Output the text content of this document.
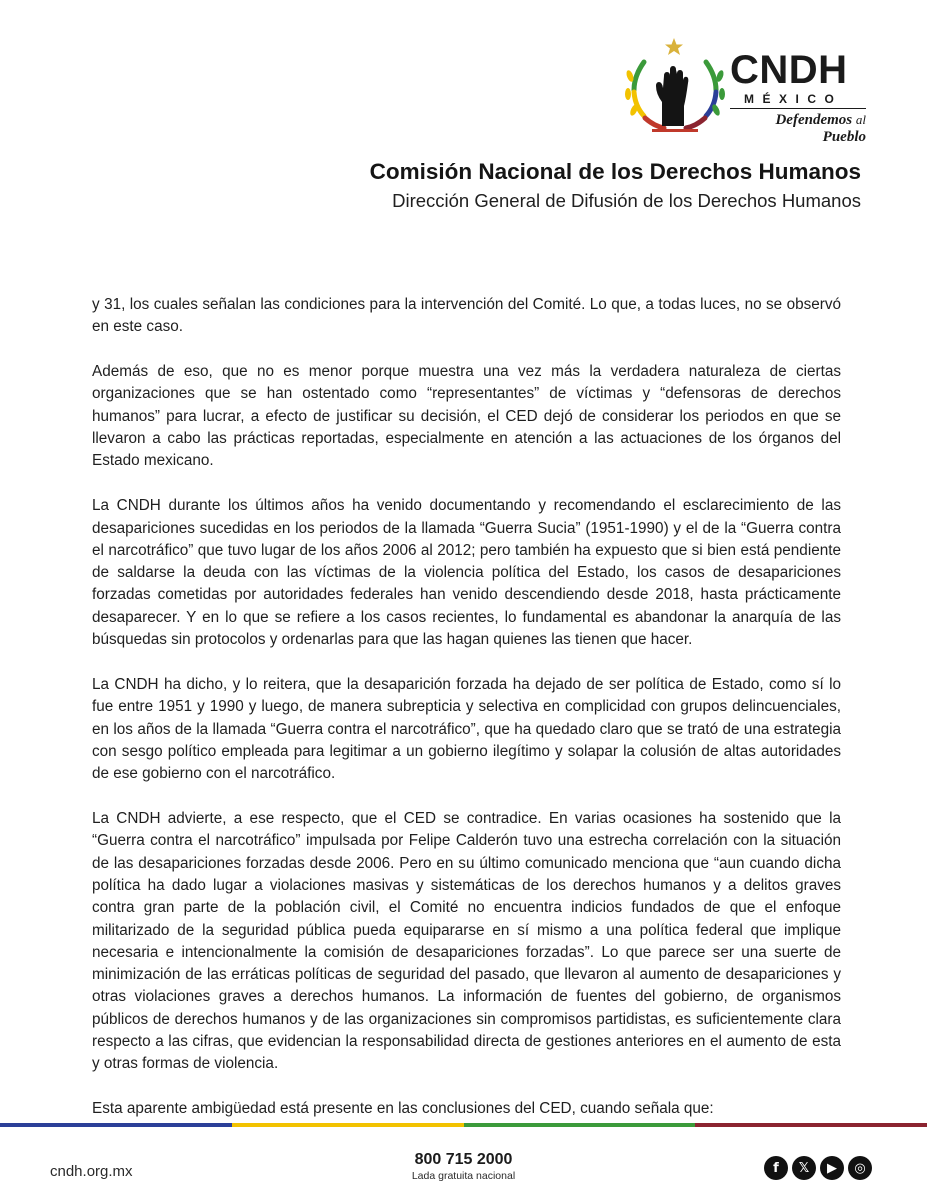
CNDH
MÉXICO
Defendemos al Pueblo
Comisión Nacional de los Derechos Humanos
Dirección General de Difusión de los Derechos Humanos

y 31, los cuales señalan las condiciones para la intervención del Comité. Lo que, a todas luces, no se observó en este caso.

Además de eso, que no es menor porque muestra una vez más la verdadera naturaleza de ciertas organizaciones que se han ostentado como “representantes” de víctimas y “defensoras de derechos humanos” para lucrar, a efecto de justificar su decisión, el CED dejó de considerar los periodos en que se llevaron a cabo las prácticas reportadas, especialmente en atención a las actuaciones de los órganos del Estado mexicano.

La CNDH durante los últimos años ha venido documentando y recomendando el esclarecimiento de las desapariciones sucedidas en los periodos de la llamada “Guerra Sucia” (1951-1990) y el de la “Guerra contra el narcotráfico” que tuvo lugar de los años 2006 al 2012; pero también ha expuesto que si bien está pendiente de saldarse la deuda con las víctimas de la violencia política del Estado, los casos de desapariciones forzadas cometidas por autoridades federales han venido descendiendo desde 2018, hasta prácticamente desaparecer. Y en lo que se refiere a los casos recientes, lo fundamental es abandonar la anarquía de las búsquedas sin protocolos y ordenarlas para que las hagan quienes las tienen que hacer.

La CNDH ha dicho, y lo reitera, que la desaparición forzada ha dejado de ser política de Estado, como sí lo fue entre 1951 y 1990 y luego, de manera subrepticia y selectiva en complicidad con grupos delincuenciales, en los años de la llamada “Guerra contra el narcotráfico”, que ha quedado claro que se trató de una estrategia con sesgo político empleada para legitimar a un gobierno ilegítimo y solapar la colusión de altas autoridades de ese gobierno con el narcotráfico.

La CNDH advierte, a ese respecto, que el CED se contradice. En varias ocasiones ha sostenido que la “Guerra contra el narcotráfico” impulsada por Felipe Calderón tuvo una estrecha correlación con la situación de las desapariciones forzadas desde 2006. Pero en su último comunicado menciona que “aun cuando dicha política ha dado lugar a violaciones masivas y sistemáticas de los derechos humanos y a delitos graves contra gran parte de la población civil, el Comité no encuentra indicios fundados de que el enfoque militarizado de la seguridad pública pueda equipararse en sí mismo a una política federal que implique necesaria e intencionalmente la comisión de desapariciones forzadas”. Lo que parece ser una suerte de minimización de las erráticas políticas de seguridad del pasado, que llevaron al aumento de desapariciones y otras violaciones graves a derechos humanos. La información de fuentes del gobierno, de organismos públicos de derechos humanos y de las organizaciones sin compromisos partidistas, es suficientemente clara respecto a las cifras, que evidencian la responsabilidad directa de gestiones anteriores en el aumento de esta y otras formas de violencia.

Esta aparente ambigüedad está presente en las conclusiones del CED, cuando señala que:

cndh.org.mx
800 715 2000
Lada gratuita nacional
f	𝕏	▶	◎
